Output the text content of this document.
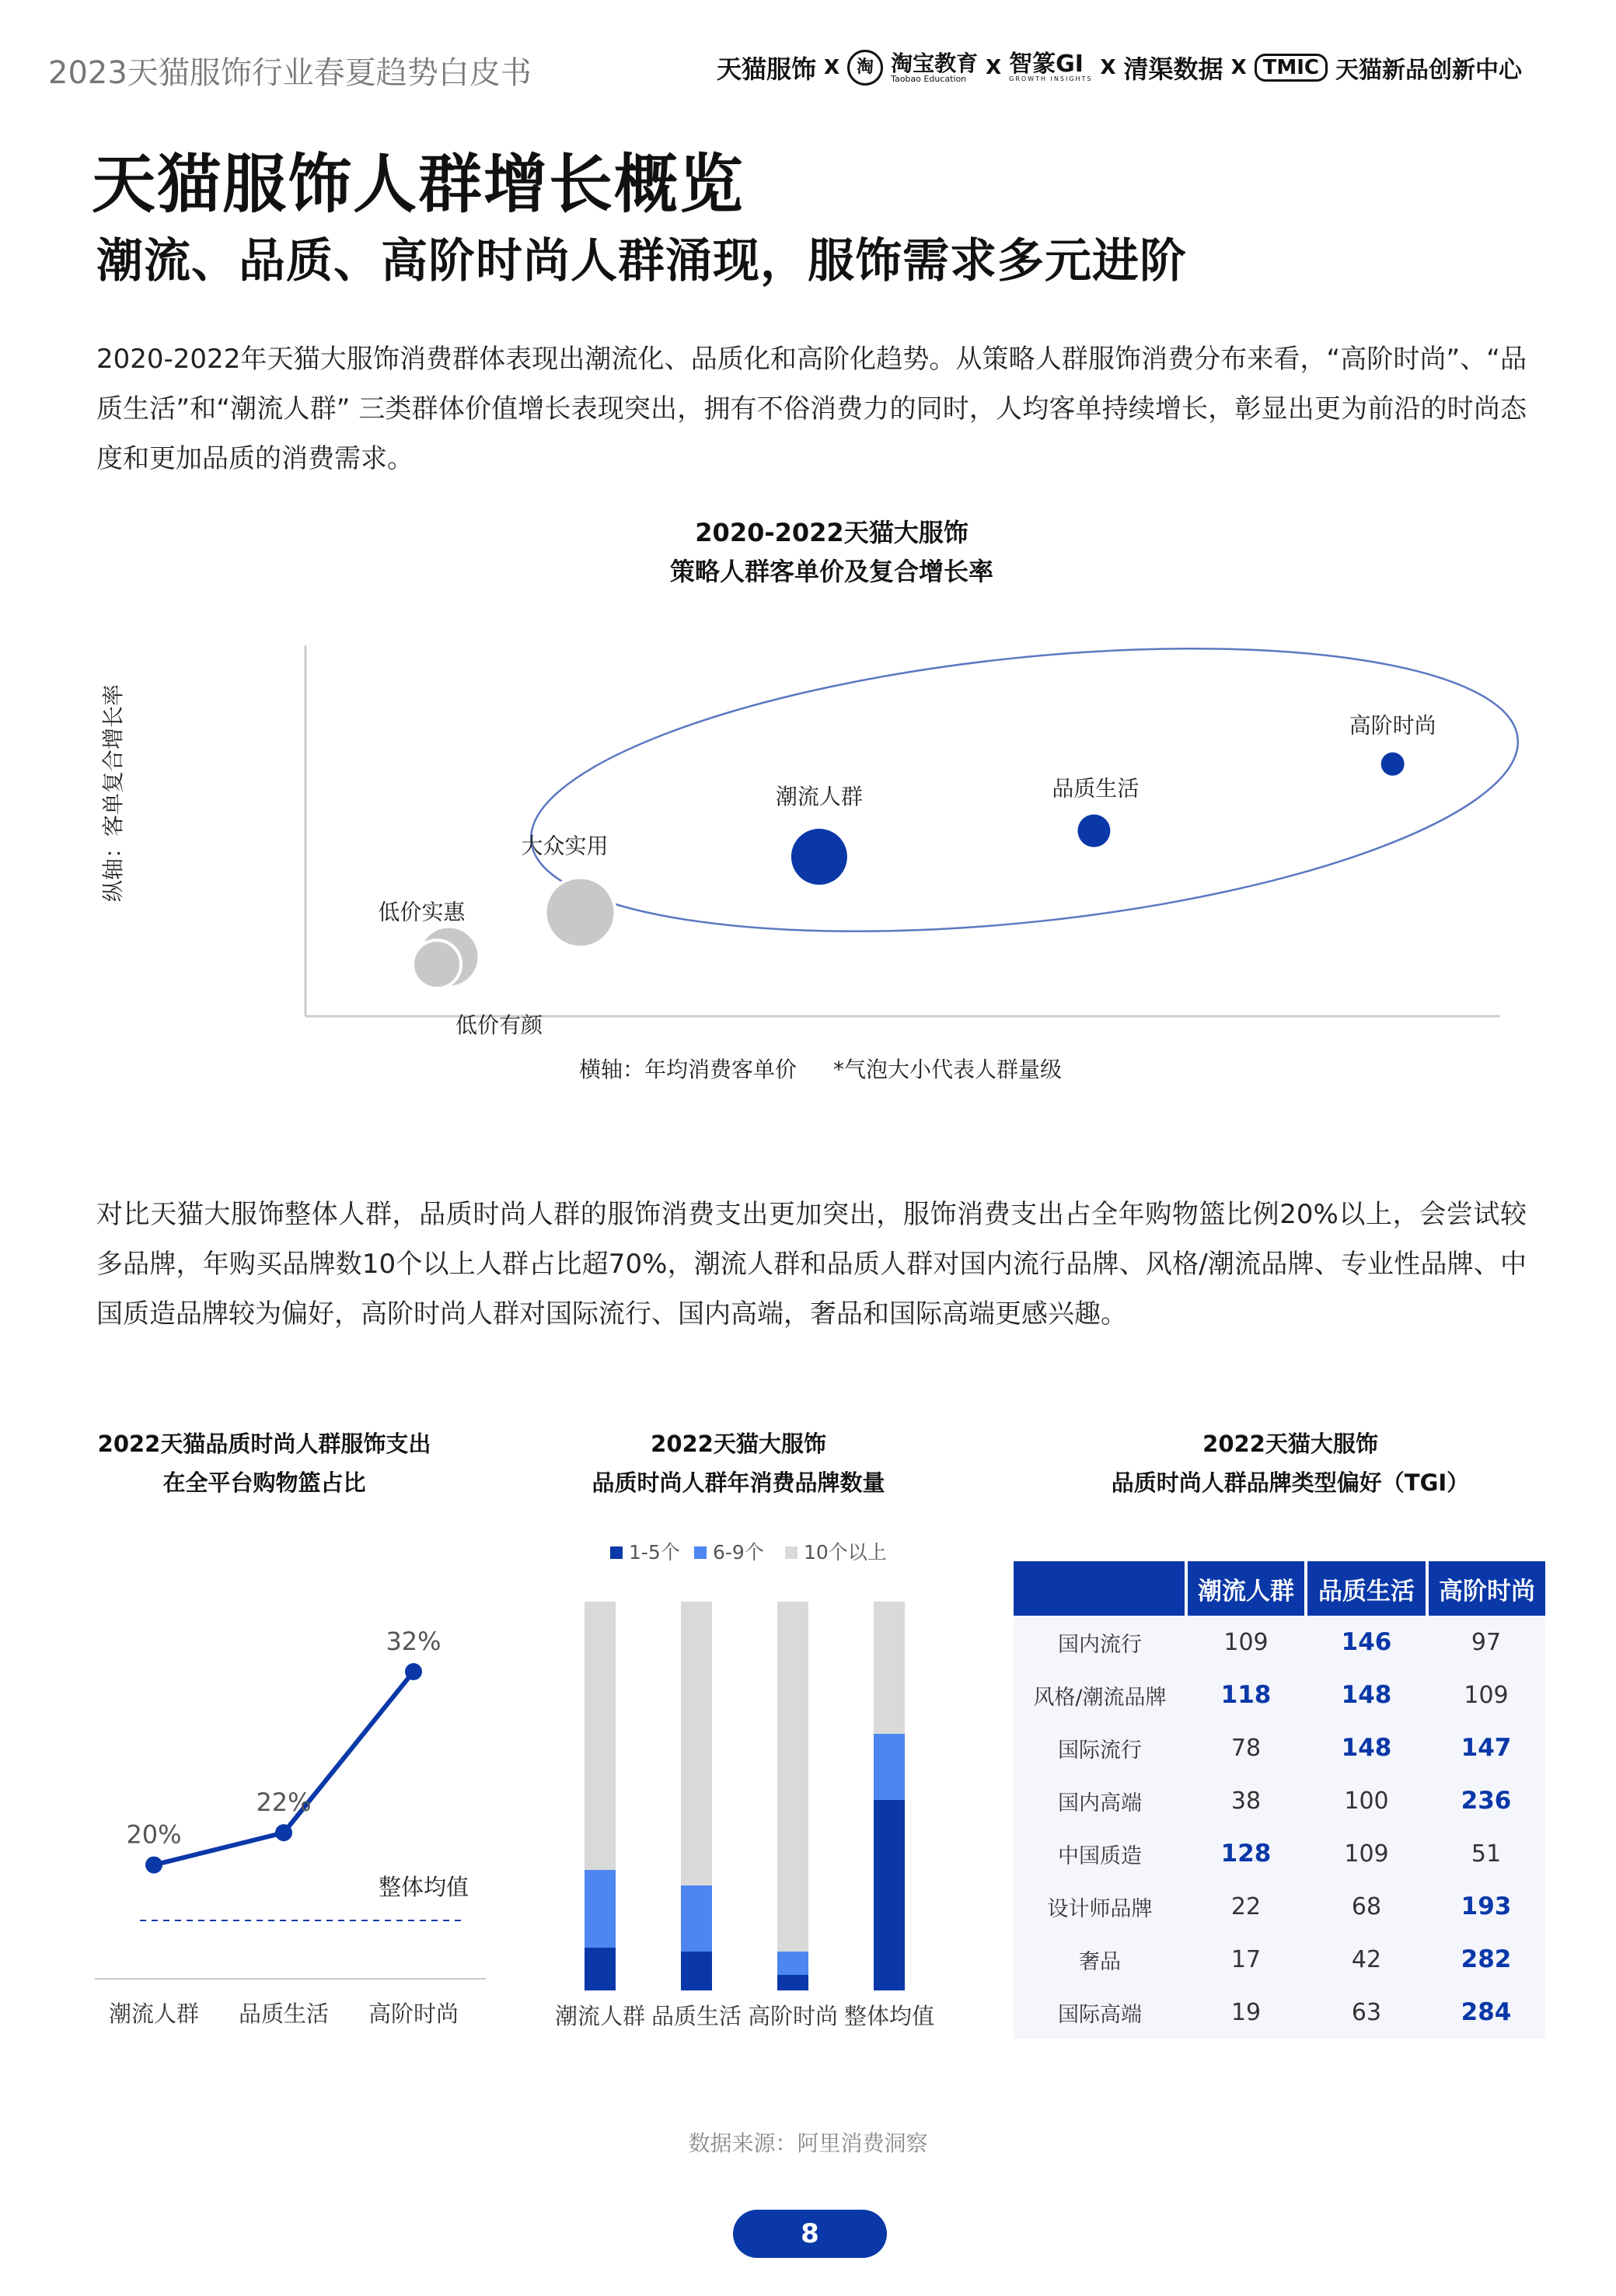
2023天猫服饰行业春夏趋势白皮书	天猫服饰 X 淘 淘宝教育
Taobao Education X 智篆GI
GROWTH INSIGHTS X 清渠数据 X TMIC 天猫新品创新中心
天猫服饰人群增长概览
潮流、品质、高阶时尚人群涌现，服饰需求多元进阶
2020-2022年天猫大服饰消费群体表现出潮流化、品质化和高阶化趋势。从策略人群服饰消费分布来看，“高阶时尚”、“品质生活”和“潮流人群” 三类群体价值增长表现突出，拥有不俗消费力的同时，人均客单持续增长，彰显出更为前沿的时尚态度和更加品质的消费需求。
2020-2022天猫大服饰
策略人群客单价及复合增长率
大众实用
低价实惠
低价有颜
潮流人群	品质生活
高阶时尚
纵轴：客单复合增长率
横轴：年均消费客单价 *气泡大小代表人群量级
对比天猫大服饰整体人群，品质时尚人群的服饰消费支出更加突出，服饰消费支出占全年购物篮比例20%以上，会尝试较多品牌，年购买品牌数10个以上人群占比超70%，潮流人群和品质人群对国内流行品牌、风格/潮流品牌、专业性品牌、中国质造品牌较为偏好，高阶时尚人群对国际流行、国内高端，奢品和国际高端更感兴趣。
2022天猫品质时尚人群服饰支出
在全平台购物篮占比
整体均值
20%
潮流人群
22%
品质生活
32%
高阶时尚
2022天猫大服饰
品质时尚人群年消费品牌数量
1-5个 6-9个 10个以上
潮流人群 品质生活 高阶时尚 整体均值
2022天猫大服饰
品质时尚人群品牌类型偏好（TGI）
	潮流人群	品质生活	高阶时尚
国内流行	109	146	97
风格/潮流品牌	118	148	109
国际流行	78	148	147
国内高端	38	100	236
中国质造	128	109	51
设计师品牌	22	68	193
奢品	17	42	282
国际高端	19	63	284
数据来源：阿里消费洞察
8
